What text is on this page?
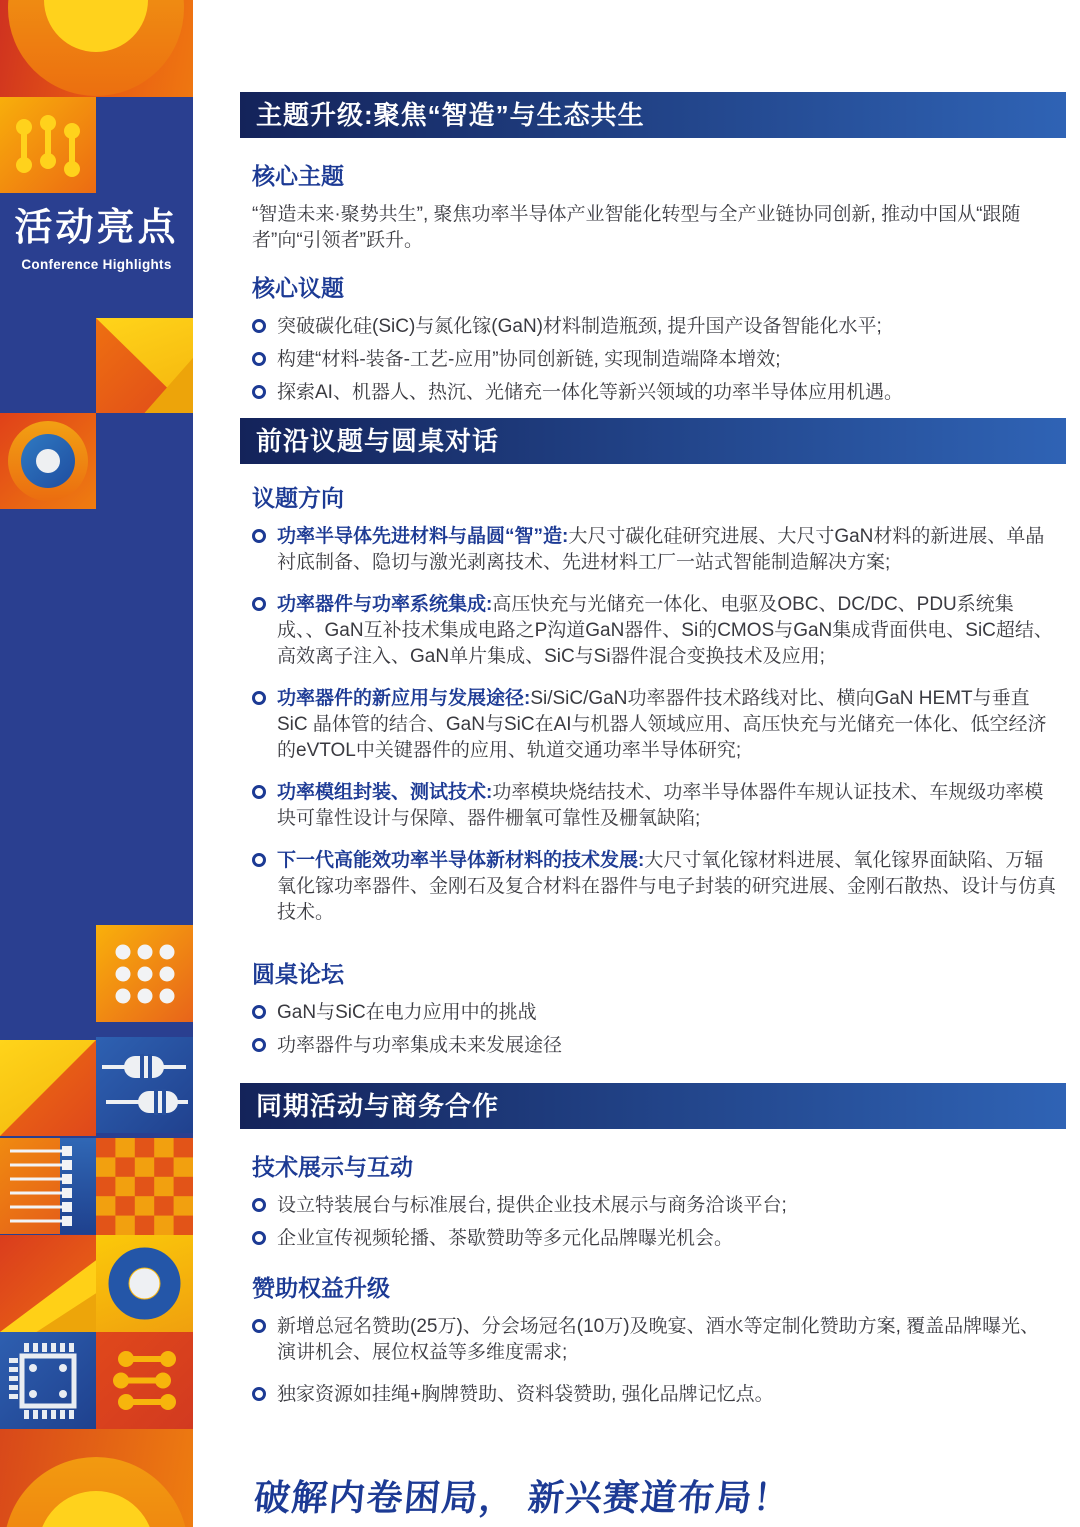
活动亮点
Conference Highlights
主题升级:聚焦“智造”与生态共生
核心主题

“智造未来·聚势共生”, 聚焦功率半导体产业智能化转型与全产业链协同创新, 推动中国从“跟随者”向“引领者”跃升。

核心议题
突破碳化硅(SiC)与氮化镓(GaN)材料制造瓶颈, 提升国产设备智能化水平;
构建“材料-装备-工艺-应用”协同创新链, 实现制造端降本增效;
探索AI、机器人、热沉、光储充一体化等新兴领域的功率半导体应用机遇。
前沿议题与圆桌对话
议题方向
功率半导体先进材料与晶圆“智”造:大尺寸碳化硅研究进展、大尺寸GaN材料的新进展、单晶衬底制备、隐切与激光剥离技术、先进材料工厂一站式智能制造解决方案;
功率器件与功率系统集成:高压快充与光储充一体化、电驱及OBC、DC/DC、PDU系统集成、、GaN互补技术集成电路之P沟道GaN器件、Si的CMOS与GaN集成背面供电、SiC超结、高效离子注入、GaN单片集成、SiC与Si器件混合变换技术及应用;
功率器件的新应用与发展途径:Si/SiC/GaN功率器件技术路线对比、横向GaN HEMT与垂直 SiC 晶体管的结合、GaN与SiC在AI与机器人领域应用、高压快充与光储充一体化、低空经济的eVTOL中关键器件的应用、轨道交通功率半导体研究;
功率模组封装、测试技术:功率模块烧结技术、功率半导体器件车规认证技术、车规级功率模块可靠性设计与保障、器件栅氧可靠性及栅氧缺陷;
下一代高能效功率半导体新材料的技术发展:大尺寸氧化镓材料进展、氧化镓界面缺陷、万辐氧化镓功率器件、金刚石及复合材料在器件与电子封装的研究进展、金刚石散热、设计与仿真技术。
圆桌论坛
GaN与SiC在电力应用中的挑战
功率器件与功率集成未来发展途径
同期活动与商务合作
技术展示与互动
设立特装展台与标准展台, 提供企业技术展示与商务洽谈平台;
企业宣传视频轮播、茶歇赞助等多元化品牌曝光机会。
赞助权益升级
新增总冠名赞助(25万)、分会场冠名(10万)及晚宴、酒水等定制化赞助方案, 覆盖品牌曝光、演讲机会、展位权益等多维度需求;
独家资源如挂绳+胸牌赞助、资料袋赞助, 强化品牌记忆点。
破解内卷困局， 新兴赛道布局！
